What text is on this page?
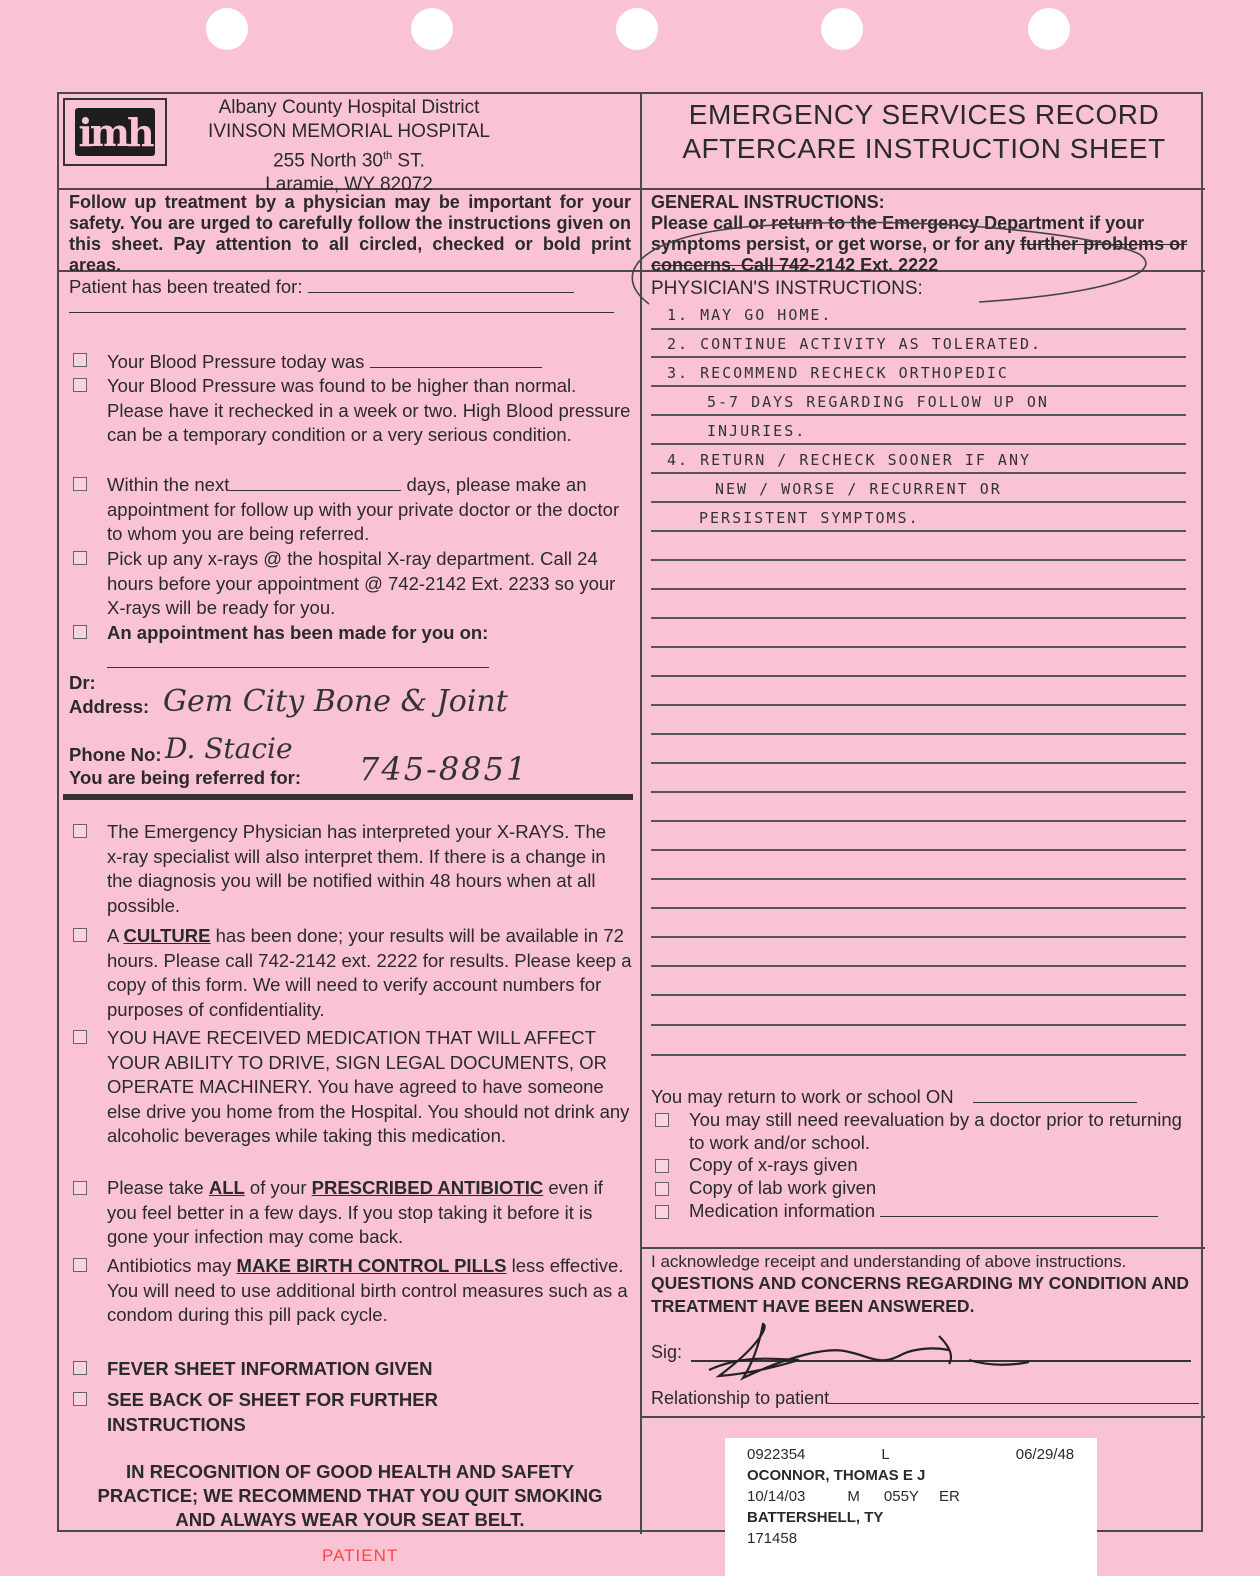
imh
Albany County Hospital District
IVINSON MEMORIAL HOSPITAL
255 North 30th ST.
Laramie, WY 82072
EMERGENCY SERVICES RECORD
AFTERCARE INSTRUCTION SHEET
Follow up treatment by a physician may be important for your safety. You are urged to carefully follow the instructions given on this sheet. Pay attention to all circled, checked or bold print areas.
GENERAL INSTRUCTIONS:
Please call or return to the Emergency Department if your symptoms persist, or get worse, or for any further problems or concerns. Call 742-2142 Ext. 2222
Patient has been treated for:
Your Blood Pressure today was
Your Blood Pressure was found to be higher than normal. Please have it rechecked in a week or two. High Blood pressure can be a temporary condition or a very serious condition.
Within the next	days, please make an appointment for follow up with your private doctor or the doctor to whom you are being referred.
Pick up any x-rays @ the hospital X-ray department. Call 24 hours before your appointment @ 742-2142 Ext. 2233 so your X-rays will be ready for you.
An appointment has been made for you on:
Dr:
Address: Gem City Bone & Joint
Phone No: D. Stacie
You are being referred for: 745-8851
The Emergency Physician has interpreted your X-RAYS. The x-ray specialist will also interpret them. If there is a change in the diagnosis you will be notified within 48 hours when at all possible.
A CULTURE has been done; your results will be available in 72 hours. Please call 742-2142 ext. 2222 for results. Please keep a copy of this form. We will need to verify account numbers for purposes of confidentiality.
YOU HAVE RECEIVED MEDICATION THAT WILL AFFECT YOUR ABILITY TO DRIVE, SIGN LEGAL DOCUMENTS, OR OPERATE MACHINERY. You have agreed to have someone else drive you home from the Hospital. You should not drink any alcoholic beverages while taking this medication.
Please take ALL of your PRESCRIBED ANTIBIOTIC even if you feel better in a few days. If you stop taking it before it is gone your infection may come back.
Antibiotics may MAKE BIRTH CONTROL PILLS less effective. You will need to use additional birth control measures such as a condom during this pill pack cycle.
FEVER SHEET INFORMATION GIVEN
SEE BACK OF SHEET FOR FURTHER INSTRUCTIONS
IN RECOGNITION OF GOOD HEALTH AND SAFETY PRACTICE; WE RECOMMEND THAT YOU QUIT SMOKING AND ALWAYS WEAR YOUR SEAT BELT.
PHYSICIAN'S INSTRUCTIONS:
1. MAY GO HOME.
2. CONTINUE ACTIVITY AS TOLERATED.
3. RECOMMEND RECHECK ORTHOPEDIC
5-7 DAYS REGARDING FOLLOW UP ON
INJURIES.
4. RETURN / RECHECK SOONER IF ANY
NEW / WORSE / RECURRENT OR
PERSISTENT SYMPTOMS.
You may return to work or school ON
You may still need reevaluation by a doctor prior to returning to work and/or school.
Copy of x-rays given
Copy of lab work given
Medication information
I acknowledge receipt and understanding of above instructions.
QUESTIONS AND CONCERNS REGARDING MY CONDITION AND TREATMENT HAVE BEEN ANSWERED.
Sig:
Relationship to patient
0922354	L	06/29/48
OCONNOR, THOMAS E J
10/14/03	M 055Y ER
BATTERSHELL, TY
171458
PATIENT
